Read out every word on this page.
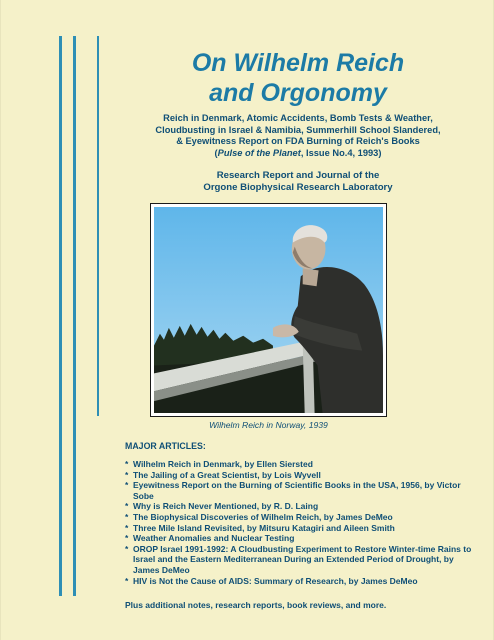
On Wilhelm Reich
and Orgonomy
Reich in Denmark, Atomic Accidents, Bomb Tests & Weather,
Cloudbusting in Israel & Namibia, Summerhill School Slandered,
& Eyewitness Report on FDA Burning of Reich's Books
(Pulse of the Planet, Issue No.4, 1993)
Research Report and Journal of the
Orgone Biophysical Research Laboratory
Wilhelm Reich in Norway, 1939
MAJOR ARTICLES:
* Wilhelm Reich in Denmark, by Ellen Siersted
* The Jailing of a Great Scientist, by Lois Wyvell
* Eyewitness Report on the Burning of Scientific Books in the USA, 1956, by Victor Sobe
* Why is Reich Never Mentioned, by R. D. Laing
* The Biophysical Discoveries of Wilhelm Reich, by James DeMeo
* Three Mile Island Revisited, by Mitsuru Katagiri and Aileen Smith
* Weather Anomalies and Nuclear Testing
* OROP Israel 1991-1992: A Cloudbusting Experiment to Restore Winter-time Rains to Israel and the Eastern Mediterranean During an Extended Period of Drought, by James DeMeo
* HIV is Not the Cause of AIDS: Summary of Research, by James DeMeo
Plus additional notes, research reports, book reviews, and more.
